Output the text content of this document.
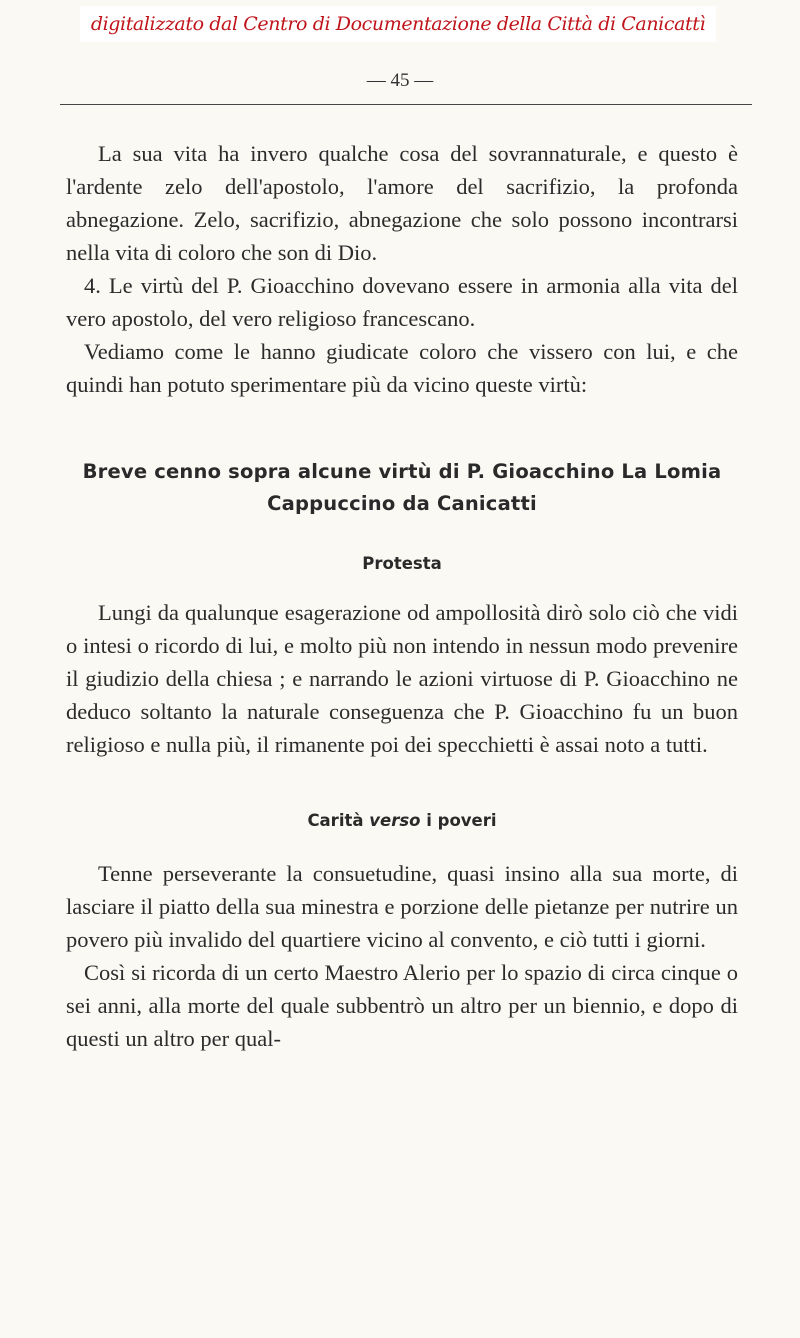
digitalizzato dal Centro di Documentazione della Città di Canicattì
— 45 —

La sua vita ha invero qualche cosa del sovrannaturale, e questo è l'ardente zelo dell'apostolo, l'amore del sacrifizio, la profonda abnegazione. Zelo, sacrifizio, abnegazione che solo possono incontrarsi nella vita di coloro che son di Dio.

4. Le virtù del P. Gioacchino dovevano essere in armonia alla vita del vero apostolo, del vero religioso francescano.

Vediamo come le hanno giudicate coloro che vissero con lui, e che quindi han potuto sperimentare più da vicino queste virtù:

Breve cenno sopra alcune virtù di P. Gioacchino La Lomia
Cappuccino da Canicatti
Protesta

Lungi da qualunque esagerazione od ampollosità dirò solo ciò che vidi o intesi o ricordo di lui, e molto più non intendo in nessun modo prevenire il giudizio della chiesa ; e narrando le azioni virtuose di P. Gioacchino ne deduco soltanto la naturale conseguenza che P. Gioacchino fu un buon religioso e nulla più, il rimanente poi dei specchietti è assai noto a tutti.

Carità verso i poveri

Tenne perseverante la consuetudine, quasi insino alla sua morte, di lasciare il piatto della sua minestra e porzione delle pietanze per nutrire un povero più invalido del quartiere vicino al convento, e ciò tutti i giorni.

Così si ricorda di un certo Maestro Alerio per lo spazio di circa cinque o sei anni, alla morte del quale subbentrò un altro per un biennio, e dopo di questi un altro per qual-
